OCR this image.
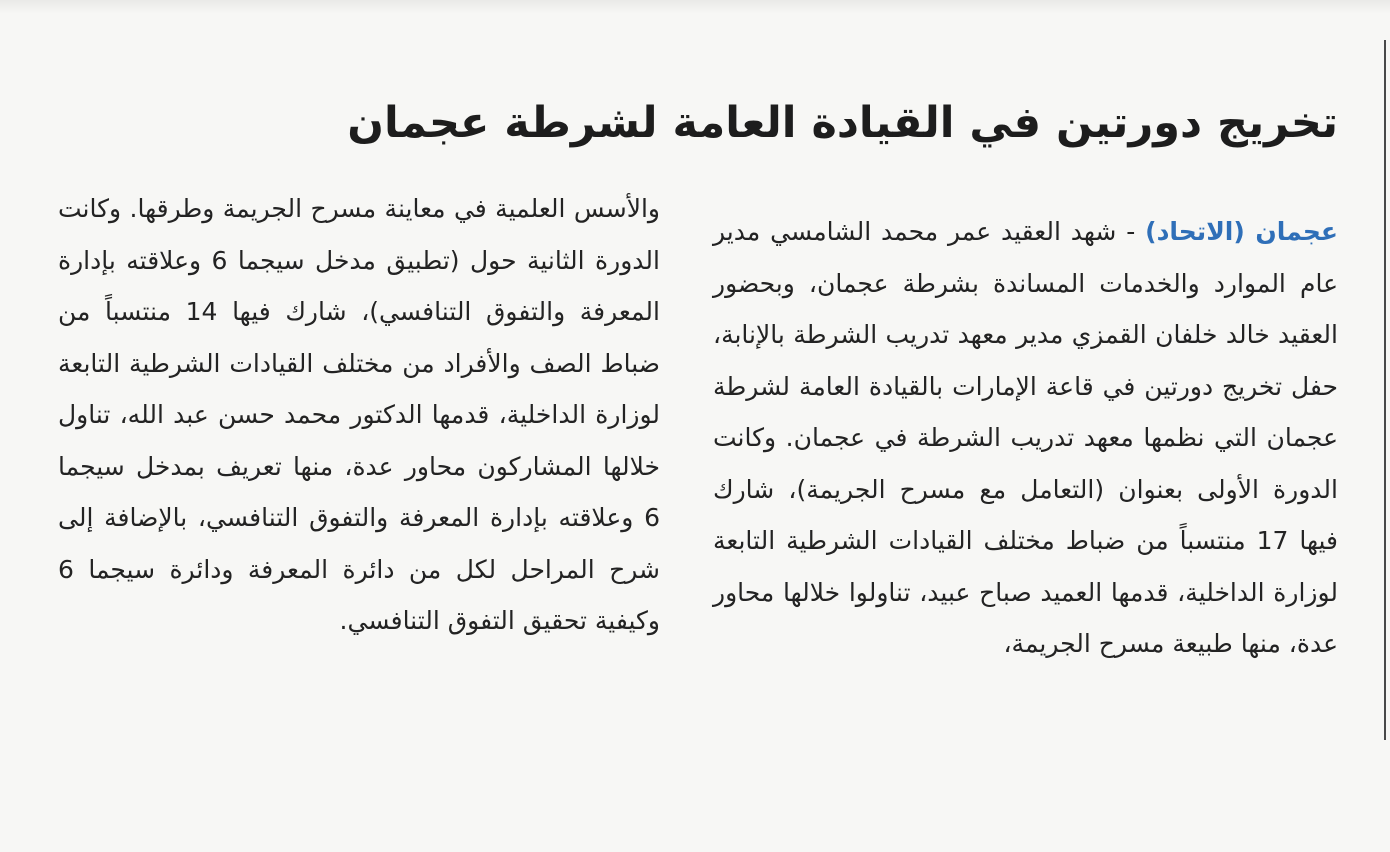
تخريج دورتين في القيادة العامة لشرطة عجمان

عجمان (الاتحاد) - شهد العقيد عمر محمد الشامسي مدير عام الموارد والخدمات المساندة بشرطة عجمان، وبحضور العقيد خالد خلفان القمزي مدير معهد تدريب الشرطة بالإنابة، حفل تخريج دورتين في قاعة الإمارات بالقيادة العامة لشرطة عجمان التي نظمها معهد تدريب الشرطة في عجمان. وكانت الدورة الأولى بعنوان (التعامل مع مسرح الجريمة)، شارك فيها 17 منتسباً من ضباط مختلف القيادات الشرطية التابعة لوزارة الداخلية، قدمها العميد صباح عبيد، تناولوا خلالها محاور عدة، منها طبيعة مسرح الجريمة،

والأسس العلمية في معاينة مسرح الجريمة وطرقها. وكانت الدورة الثانية حول (تطبيق مدخل سيجما 6 وعلاقته بإدارة المعرفة والتفوق التنافسي)، شارك فيها 14 منتسباً من ضباط الصف والأفراد من مختلف القيادات الشرطية التابعة لوزارة الداخلية، قدمها الدكتور محمد حسن عبد الله، تناول خلالها المشاركون محاور عدة، منها تعريف بمدخل سيجما 6 وعلاقته بإدارة المعرفة والتفوق التنافسي، بالإضافة إلى شرح المراحل لكل من دائرة المعرفة ودائرة سيجما 6 وكيفية تحقيق التفوق التنافسي.
